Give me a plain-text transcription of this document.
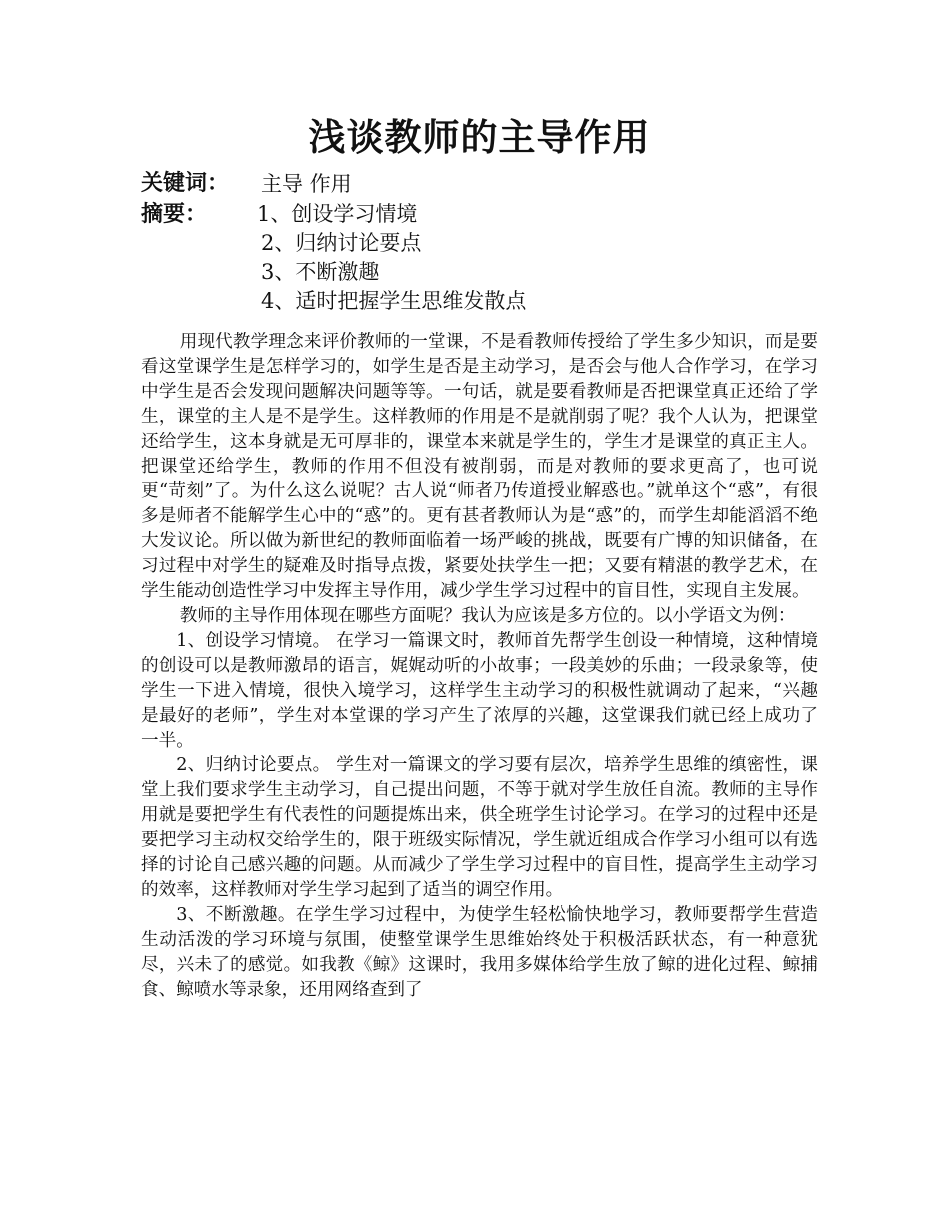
浅谈教师的主导作用
关键词：	主导 作用
摘要：	1、创设学习情境
2、归纳讨论要点
3、不断激趣
4、适时把握学生思维发散点

用现代教学理念来评价教师的一堂课，不是看教师传授给了学生多少知识，而是要看这堂课学生是怎样学习的，如学生是否是主动学习，是否会与他人合作学习，在学习中学生是否会发现问题解决问题等等。一句话，就是要看教师是否把课堂真正还给了学生，课堂的主人是不是学生。这样教师的作用是不是就削弱了呢？我个人认为，把课堂还给学生，这本身就是无可厚非的，课堂本来就是学生的，学生才是课堂的真正主人。把课堂还给学生，教师的作用不但没有被削弱，而是对教师的要求更高了，也可说更“苛刻”了。为什么这么说呢？古人说“师者乃传道授业解惑也。”就单这个“惑”，有很多是师者不能解学生心中的“惑”的。更有甚者教师认为是“惑”的，而学生却能滔滔不绝大发议论。所以做为新世纪的教师面临着一场严峻的挑战，既要有广博的知识储备，在习过程中对学生的疑难及时指导点拨，紧要处扶学生一把；又要有精湛的教学艺术，在学生能动创造性学习中发挥主导作用，减少学生学习过程中的盲目性，实现自主发展。

教师的主导作用体现在哪些方面呢？我认为应该是多方位的。以小学语文为例：

1、创设学习情境。 在学习一篇课文时，教师首先帮学生创设一种情境，这种情境的创设可以是教师激昂的语言，娓娓动听的小故事；一段美妙的乐曲；一段录象等，使学生一下进入情境，很快入境学习，这样学生主动学习的积极性就调动了起来，“兴趣是最好的老师”，学生对本堂课的学习产生了浓厚的兴趣，这堂课我们就已经上成功了一半。

2、归纳讨论要点。 学生对一篇课文的学习要有层次，培养学生思维的缜密性，课堂上我们要求学生主动学习，自己提出问题，不等于就对学生放任自流。教师的主导作用就是要把学生有代表性的问题提炼出来，供全班学生讨论学习。在学习的过程中还是要把学习主动权交给学生的，限于班级实际情况，学生就近组成合作学习小组可以有选择的讨论自己感兴趣的问题。从而减少了学生学习过程中的盲目性，提高学生主动学习的效率，这样教师对学生学习起到了适当的调空作用。

3、不断激趣。在学生学习过程中，为使学生轻松愉快地学习，教师要帮学生营造生动活泼的学习环境与氛围，使整堂课学生思维始终处于积极活跃状态，有一种意犹尽，兴未了的感觉。如我教《鲸》这课时，我用多媒体给学生放了鲸的进化过程、鲸捕食、鲸喷水等录象，还用网络查到了
